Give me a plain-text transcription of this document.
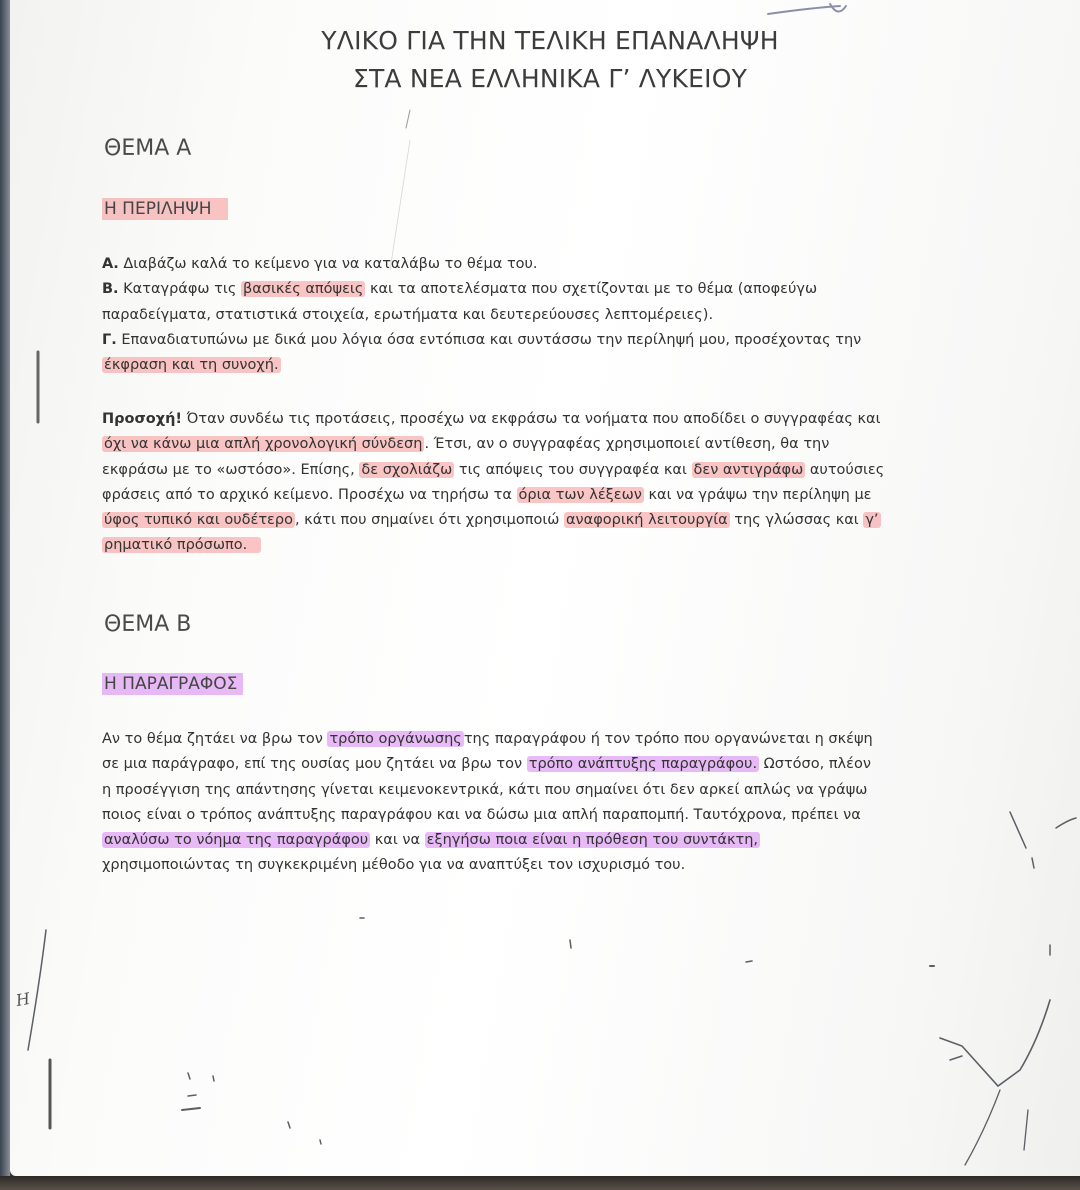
ΥΛΙΚΟ ΓΙΑ ΤΗΝ ΤΕΛΙΚΗ ΕΠΑΝΑΛΗΨΗ
ΣΤΑ ΝΕΑ ΕΛΛΗΝΙΚΑ Γ’ ΛΥΚΕΙΟΥ
ΘΕΜΑ Α
Η ΠΕΡΙΛΗΨΗ
Α. Διαβάζω καλά το κείμενο για να καταλάβω το θέμα του.
Β. Καταγράφω τις βασικές απόψεις και τα αποτελέσματα που σχετίζονται με το θέμα (αποφεύγω
παραδείγματα, στατιστικά στοιχεία, ερωτήματα και δευτερεύουσες λεπτομέρειες).
Γ. Επαναδιατυπώνω με δικά μου λόγια όσα εντόπισα και συντάσσω την περίληψή μου, προσέχοντας την
έκφραση και τη συνοχή.
Προσοχή! Όταν συνδέω τις προτάσεις, προσέχω να εκφράσω τα νοήματα που αποδίδει ο συγγραφέας και
όχι να κάνω μια απλή χρονολογική σύνδεση . Έτσι, αν ο συγγραφέας χρησιμοποιεί αντίθεση, θα την
εκφράσω με το «ωστόσο». Επίσης, δε σχολιάζω τις απόψεις του συγγραφέα και δεν αντιγράφω αυτούσιες
φράσεις από το αρχικό κείμενο. Προσέχω να τηρήσω τα όρια των λέξεων και να γράψω την περίληψη με
ύφος τυπικό και ουδέτερο , κάτι που σημαίνει ότι χρησιμοποιώ αναφορική λειτουργία της γλώσσας και γ’
ρηματικό πρόσωπο.
ΘΕΜΑ Β
Η ΠΑΡΑΓΡΑΦΟΣ
Αν το θέμα ζητάει να βρω τον τρόπο οργάνωσης της παραγράφου ή τον τρόπο που οργανώνεται η σκέψη
σε μια παράγραφο, επί της ουσίας μου ζητάει να βρω τον τρόπο ανάπτυξης παραγράφου. Ωστόσο, πλέον
η προσέγγιση της απάντησης γίνεται κειμενοκεντρικά, κάτι που σημαίνει ότι δεν αρκεί απλώς να γράψω
ποιος είναι ο τρόπος ανάπτυξης παραγράφου και να δώσω μια απλή παραπομπή. Ταυτόχρονα, πρέπει να
αναλύσω το νόημα της παραγράφου και να εξηγήσω ποια είναι η πρόθεση του συντάκτη,
χρησιμοποιώντας τη συγκεκριμένη μέθοδο για να αναπτύξει τον ισχυρισμό του.
Η
